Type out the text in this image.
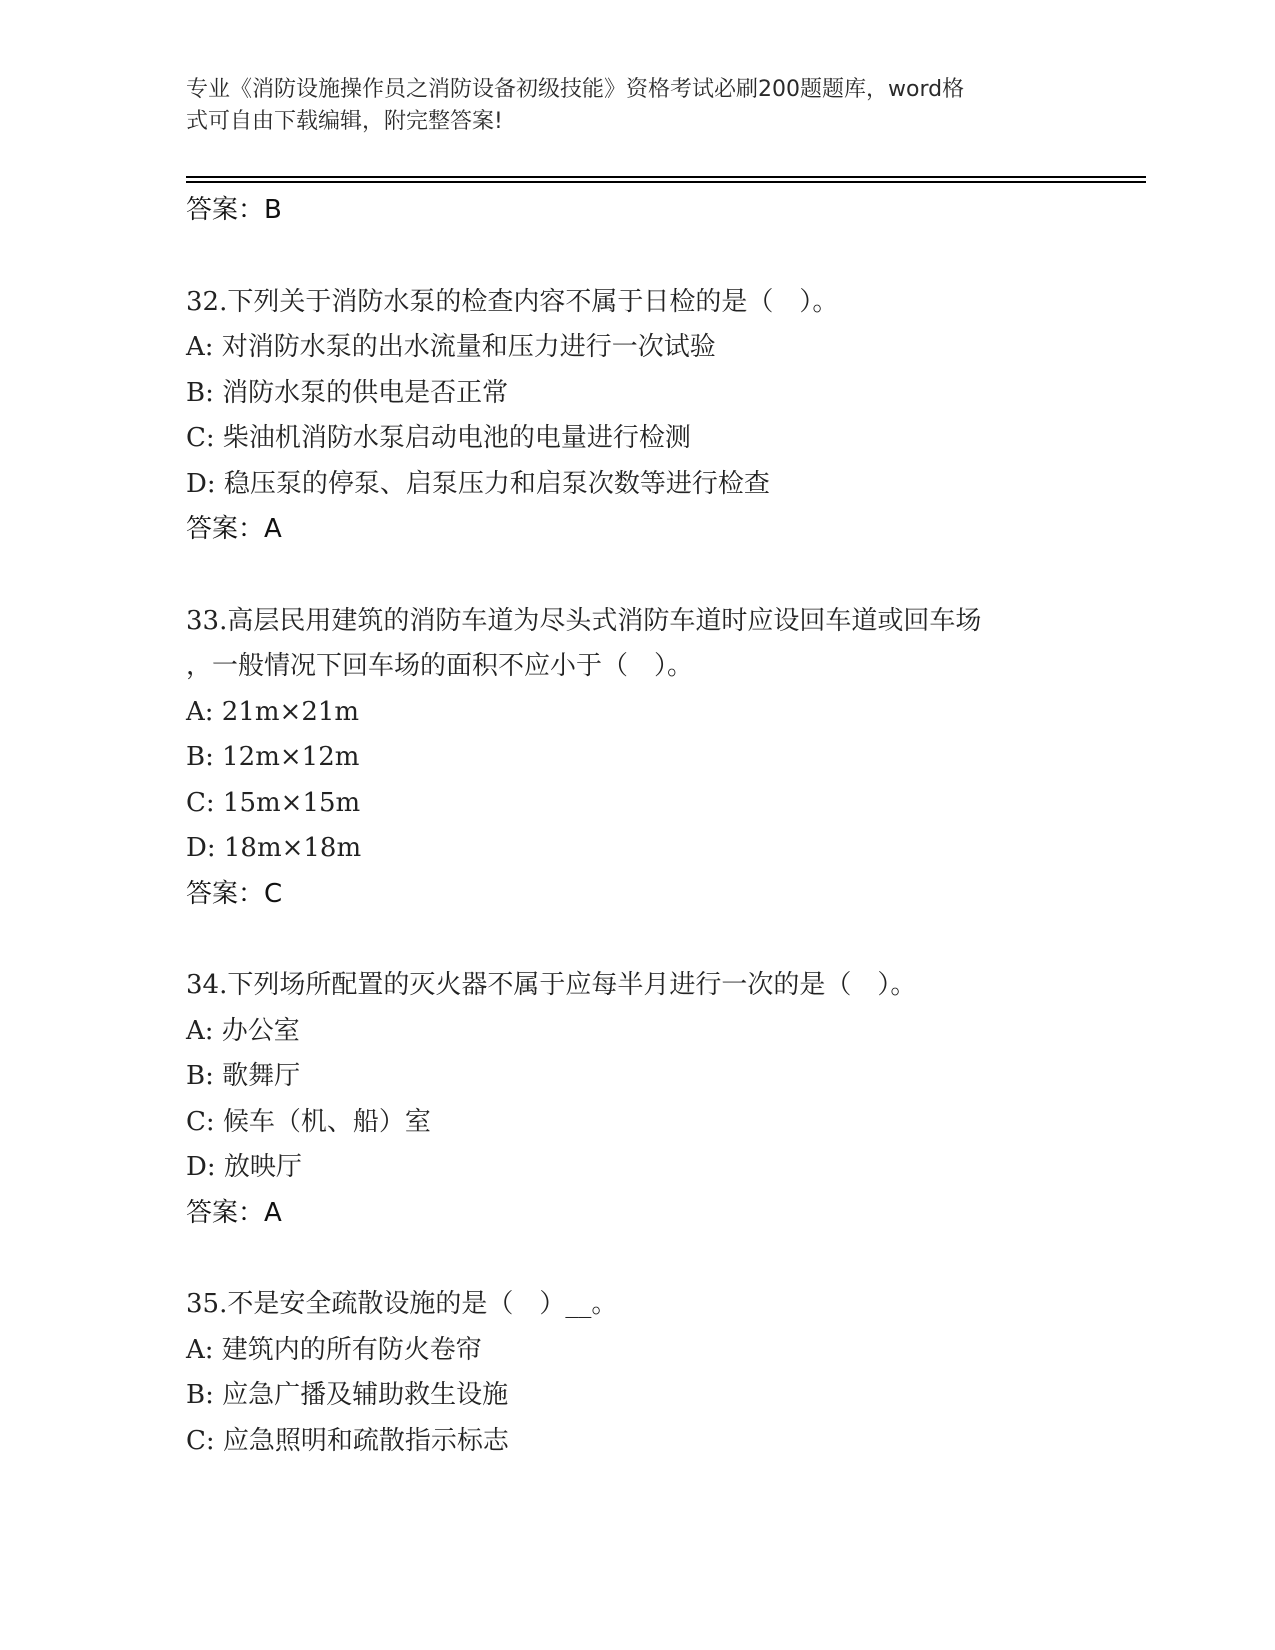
专业《消防设施操作员之消防设备初级技能》资格考试必刷200题题库，word格
式可自由下载编辑，附完整答案!
答案：B
32.下列关于消防水泵的检查内容不属于日检的是（　）。
A: 对消防水泵的出水流量和压力进行一次试验
B: 消防水泵的供电是否正常
C: 柴油机消防水泵启动电池的电量进行检测
D: 稳压泵的停泵、启泵压力和启泵次数等进行检查
答案：A
33.高层民用建筑的消防车道为尽头式消防车道时应设回车道或回车场
，一般情况下回车场的面积不应小于（　）。
A: 21m×21m
B: 12m×12m
C: 15m×15m
D: 18m×18m
答案：C
34.下列场所配置的灭火器不属于应每半月进行一次的是（　）。
A: 办公室
B: 歌舞厅
C: 候车（机、船）室
D: 放映厅
答案：A
35.不是安全疏散设施的是（　）__。
A: 建筑内的所有防火卷帘
B: 应急广播及辅助救生设施
C: 应急照明和疏散指示标志
